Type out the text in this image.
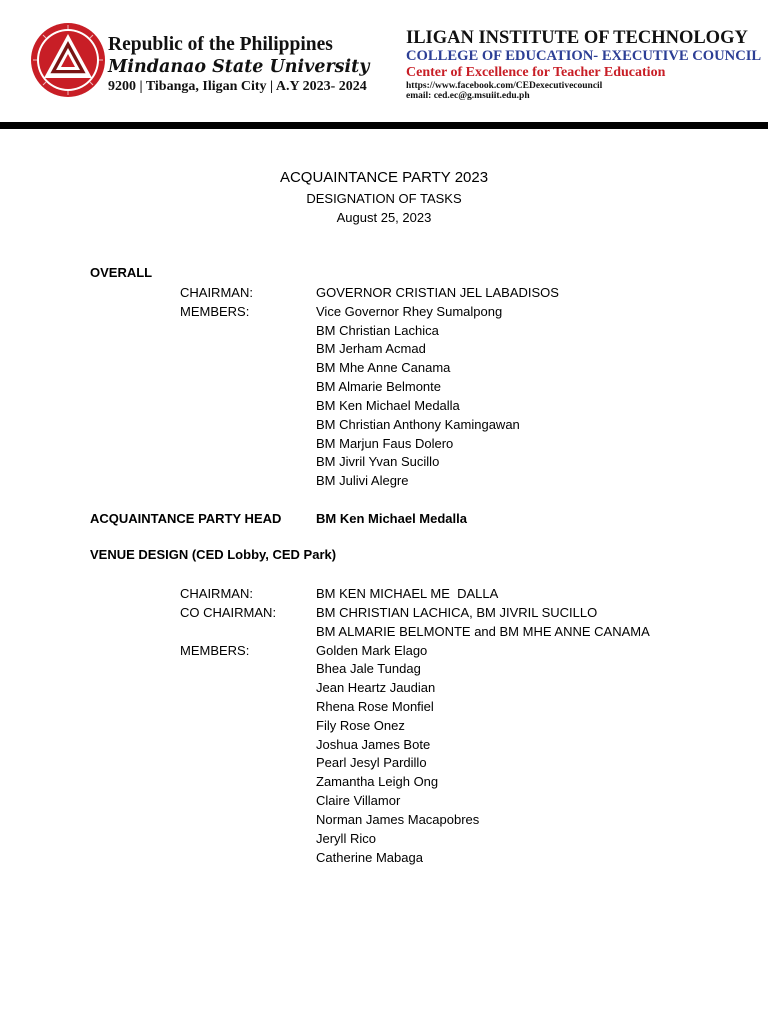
Republic of the Philippines
Mindanao State University
9200 | Tibanga, Iligan City | A.Y 2023- 2024
ILIGAN INSTITUTE OF TECHNOLOGY
COLLEGE OF EDUCATION- EXECUTIVE COUNCIL
Center of Excellence for Teacher Education
https://www.facebook.com/CEDexecutivecouncil
email: ced.ec@g.msuiit.edu.ph
ACQUAINTANCE PARTY 2023
DESIGNATION OF TASKS
August 25, 2023
OVERALL
CHAIRMAN:	GOVERNOR CRISTIAN JEL LABADISOS
MEMBERS:	Vice Governor Rhey Sumalpong
BM Christian Lachica
BM Jerham Acmad
BM Mhe Anne Canama
BM Almarie Belmonte
BM Ken Michael Medalla
BM Christian Anthony Kamingawan
BM Marjun Faus Dolero
BM Jivril Yvan Sucillo
BM Julivi Alegre
ACQUAINTANCE PARTY HEAD	BM Ken Michael Medalla
VENUE DESIGN (CED Lobby, CED Park)
CHAIRMAN:	BM KEN MICHAEL ME  DALLA
CO CHAIRMAN:	BM CHRISTIAN LACHICA, BM JIVRIL SUCILLO
BM ALMARIE BELMONTE and BM MHE ANNE CANAMA
MEMBERS:	Golden Mark Elago
Bhea Jale Tundag
Jean Heartz Jaudian
Rhena Rose Monfiel
Fily Rose Onez
Joshua James Bote
Pearl Jesyl Pardillo
Zamantha Leigh Ong
Claire Villamor
Norman James Macapobres
Jeryll Rico
Catherine Mabaga
